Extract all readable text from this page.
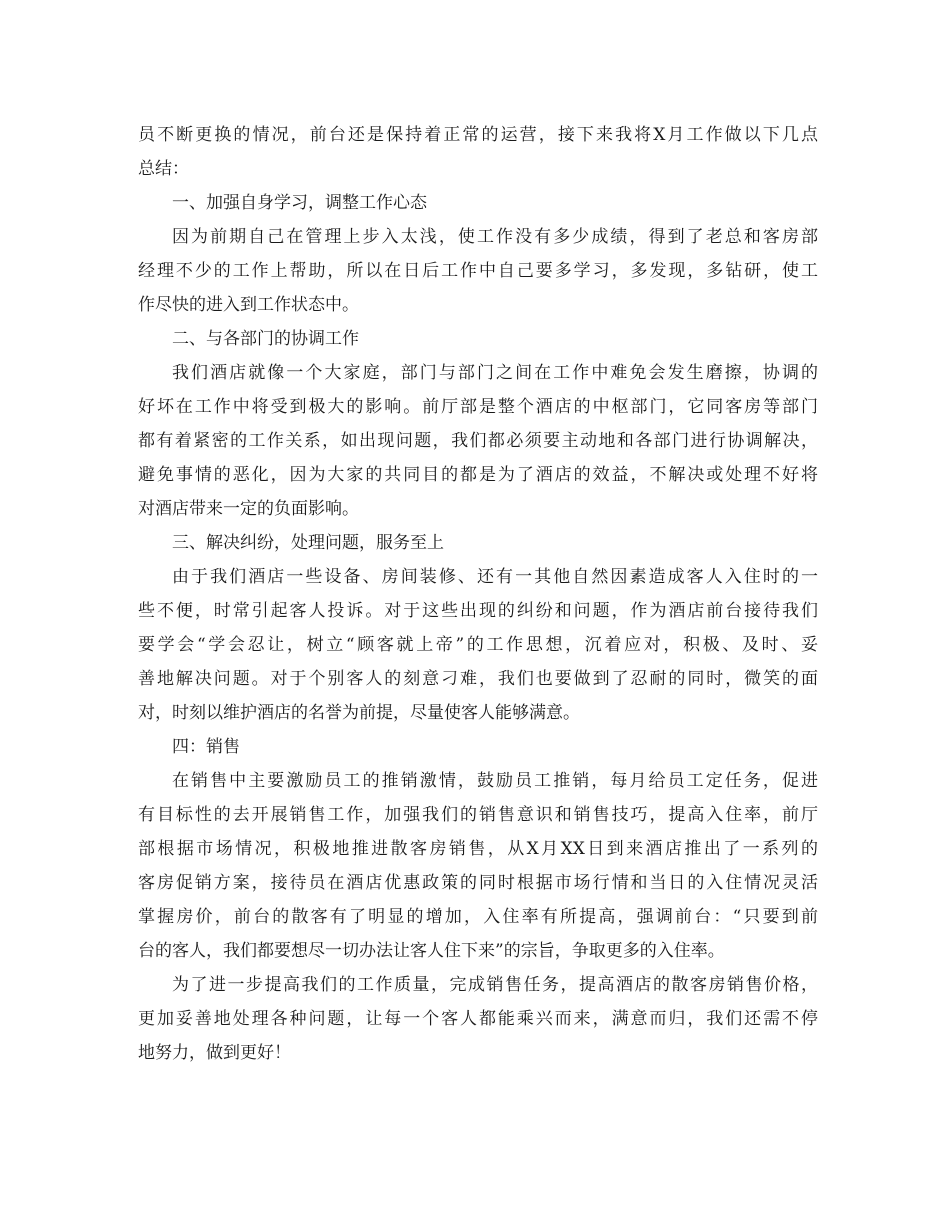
员不断更换的情况，前台还是保持着正常的运营，接下来我将X月工作做以下几点
总结：
一、加强自身学习，调整工作心态
因为前期自己在管理上步入太浅，使工作没有多少成绩，得到了老总和客房部
经理不少的工作上帮助，所以在日后工作中自己要多学习，多发现，多钻研，使工
作尽快的进入到工作状态中。
二、与各部门的协调工作
我们酒店就像一个大家庭，部门与部门之间在工作中难免会发生磨擦，协调的
好坏在工作中将受到极大的影响。前厅部是整个酒店的中枢部门，它同客房等部门
都有着紧密的工作关系，如出现问题，我们都必须要主动地和各部门进行协调解决，
避免事情的恶化，因为大家的共同目的都是为了酒店的效益，不解决或处理不好将
对酒店带来一定的负面影响。
三、解决纠纷，处理问题，服务至上
由于我们酒店一些设备、房间装修、还有一其他自然因素造成客人入住时的一
些不便，时常引起客人投诉。对于这些出现的纠纷和问题，作为酒店前台接待我们
要学会“学会忍让，树立“顾客就上帝”的工作思想，沉着应对，积极、及时、妥
善地解决问题。对于个别客人的刻意刁难，我们也要做到了忍耐的同时，微笑的面
对，时刻以维护酒店的名誉为前提，尽量使客人能够满意。
四：销售
在销售中主要激励员工的推销激情，鼓励员工推销，每月给员工定任务，促进
有目标性的去开展销售工作，加强我们的销售意识和销售技巧，提高入住率，前厅
部根据市场情况，积极地推进散客房销售，从X月XX日到来酒店推出了一系列的
客房促销方案，接待员在酒店优惠政策的同时根据市场行情和当日的入住情况灵活
掌握房价，前台的散客有了明显的增加，入住率有所提高，强调前台：“只要到前
台的客人，我们都要想尽一切办法让客人住下来”的宗旨，争取更多的入住率。
为了进一步提高我们的工作质量，完成销售任务，提高酒店的散客房销售价格，
更加妥善地处理各种问题，让每一个客人都能乘兴而来，满意而归，我们还需不停
地努力，做到更好！
